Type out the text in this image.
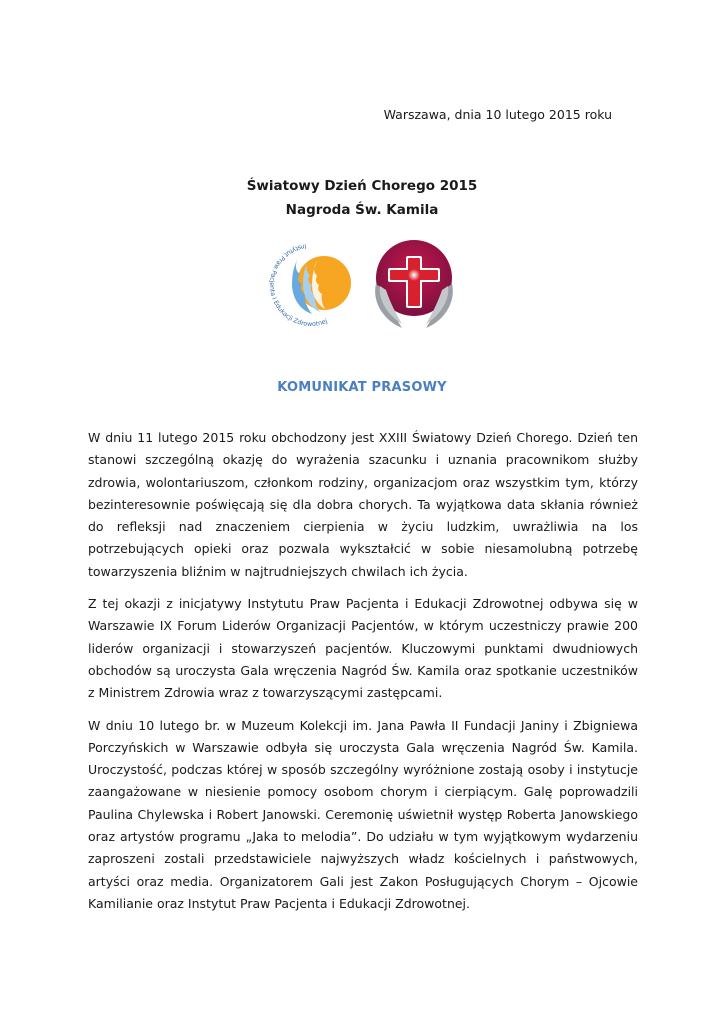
Warszawa, dnia 10 lutego 2015 roku
Światowy Dzień Chorego 2015
Nagroda Św. Kamila
Instytut Praw Pacjenta i Edukacji Zdrowotnej
KOMUNIKAT PRASOWY

W dniu 11 lutego 2015 roku obchodzony jest XXIII Światowy Dzień Chorego. Dzień ten stanowi szczególną okazję do wyrażenia szacunku i uznania pracownikom służby zdrowia, wolontariuszom, członkom rodziny, organizacjom oraz wszystkim tym, którzy bezinteresownie poświęcają się dla dobra chorych. Ta wyjątkowa data skłania również do refleksji nad znaczeniem cierpienia w życiu ludzkim, uwrażliwia na los potrzebujących opieki oraz pozwala wykształcić w sobie niesamolubną potrzebę towarzyszenia bliźnim w najtrudniejszych chwilach ich życia.

Z tej okazji z inicjatywy Instytutu Praw Pacjenta i Edukacji Zdrowotnej odbywa się w Warszawie IX Forum Liderów Organizacji Pacjentów, w którym uczestniczy prawie 200 liderów organizacji i stowarzyszeń pacjentów. Kluczowymi punktami dwudniowych obchodów są uroczysta Gala wręczenia Nagród Św. Kamila oraz spotkanie uczestników z Ministrem Zdrowia wraz z towarzyszącymi zastępcami.

W dniu 10 lutego br. w Muzeum Kolekcji im. Jana Pawła II Fundacji Janiny i Zbigniewa Porczyńskich w Warszawie odbyła się uroczysta Gala wręczenia Nagród Św. Kamila. Uroczystość, podczas której w sposób szczególny wyróżnione zostają osoby i instytucje zaangażowane w niesienie pomocy osobom chorym i cierpiącym. Galę poprowadzili Paulina Chylewska i Robert Janowski. Ceremonię uświetnił występ Roberta Janowskiego oraz artystów programu „Jaka to melodia”. Do udziału w tym wyjątkowym wydarzeniu zaproszeni zostali przedstawiciele najwyższych władz kościelnych i państwowych, artyści oraz media. Organizatorem Gali jest Zakon Posługujących Chorym – Ojcowie Kamilianie oraz Instytut Praw Pacjenta i Edukacji Zdrowotnej.
